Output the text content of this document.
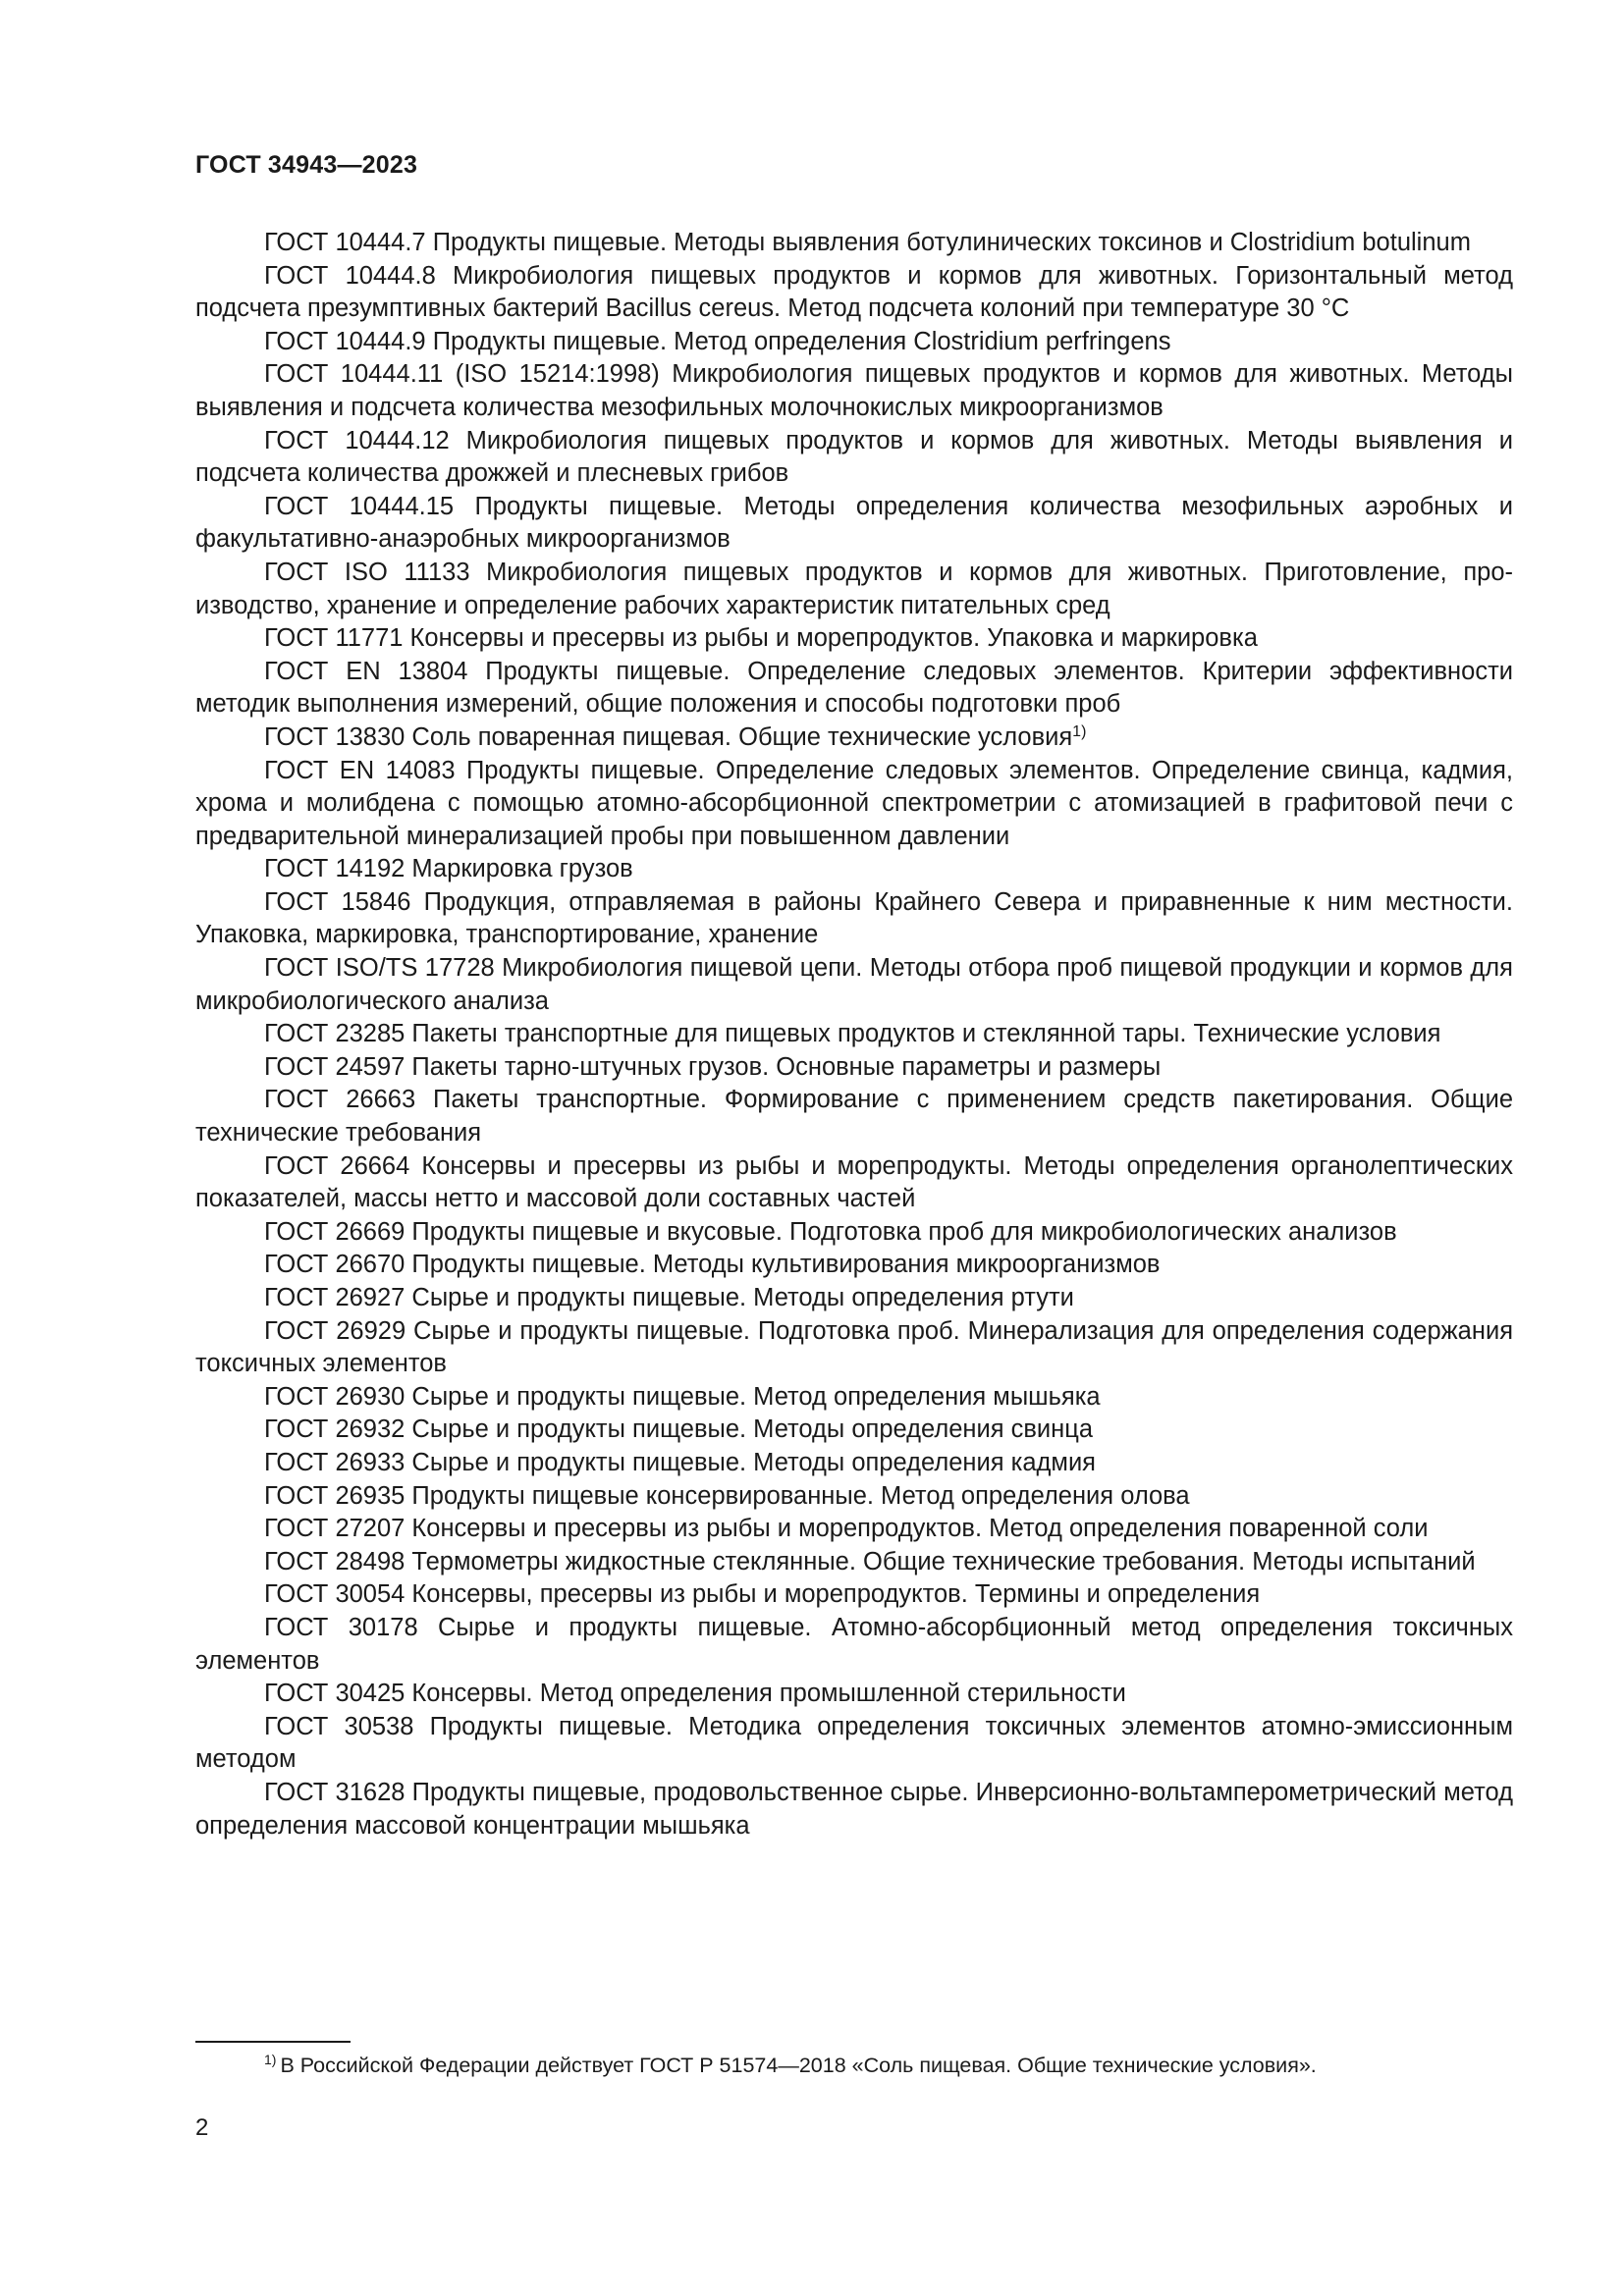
ГОСТ 34943—2023
ГОСТ 10444.7 Продукты пищевые. Методы выявления ботулинических токсинов и Clostridium botulinum
ГОСТ 10444.8 Микробиология пищевых продуктов и кормов для животных. Горизонтальный метод подсчета презумптивных бактерий Bacillus cereus. Метод подсчета колоний при температуре 30 °С
ГОСТ 10444.9 Продукты пищевые. Метод определения Clostridium perfringens
ГОСТ 10444.11 (ISO 15214:1998) Микробиология пищевых продуктов и кормов для животных. Методы выявления и подсчета количества мезофильных молочнокислых микроорганизмов
ГОСТ 10444.12 Микробиология пищевых продуктов и кормов для животных. Методы выявления и подсчета количества дрожжей и плесневых грибов
ГОСТ 10444.15 Продукты пищевые. Методы определения количества мезофильных аэробных и факультативно-анаэробных микроорганизмов
ГОСТ ISO 11133 Микробиология пищевых продуктов и кормов для животных. Приготовление, производство, хранение и определение рабочих характеристик питательных сред
ГОСТ 11771 Консервы и пресервы из рыбы и морепродуктов. Упаковка и маркировка
ГОСТ EN 13804 Продукты пищевые. Определение следовых элементов. Критерии эффективности методик выполнения измерений, общие положения и способы подготовки проб
ГОСТ 13830 Соль поваренная пищевая. Общие технические условия$^{1)}$
ГОСТ EN 14083 Продукты пищевые. Определение следовых элементов. Определение свинца, кадмия, хрома и молибдена с помощью атомно-абсорбционной спектрометрии с атомизацией в графитовой печи с предварительной минерализацией пробы при повышенном давлении
ГОСТ 14192 Маркировка грузов
ГОСТ 15846 Продукция, отправляемая в районы Крайнего Севера и приравненные к ним местности. Упаковка, маркировка, транспортирование, хранение
ГОСТ ISO/TS 17728 Микробиология пищевой цепи. Методы отбора проб пищевой продукции и кормов для микробиологического анализа
ГОСТ 23285 Пакеты транспортные для пищевых продуктов и стеклянной тары. Технические условия
ГОСТ 24597 Пакеты тарно-штучных грузов. Основные параметры и размеры
ГОСТ 26663 Пакеты транспортные. Формирование с применением средств пакетирования. Общие технические требования
ГОСТ 26664 Консервы и пресервы из рыбы и морепродукты. Методы определения органолептических показателей, массы нетто и массовой доли составных частей
ГОСТ 26669 Продукты пищевые и вкусовые. Подготовка проб для микробиологических анализов
ГОСТ 26670 Продукты пищевые. Методы культивирования микроорганизмов
ГОСТ 26927 Сырье и продукты пищевые. Методы определения ртути
ГОСТ 26929 Сырье и продукты пищевые. Подготовка проб. Минерализация для определения содержания токсичных элементов
ГОСТ 26930 Сырье и продукты пищевые. Метод определения мышьяка
ГОСТ 26932 Сырье и продукты пищевые. Методы определения свинца
ГОСТ 26933 Сырье и продукты пищевые. Методы определения кадмия
ГОСТ 26935 Продукты пищевые консервированные. Метод определения олова
ГОСТ 27207 Консервы и пресервы из рыбы и морепродуктов. Метод определения поваренной соли
ГОСТ 28498 Термометры жидкостные стеклянные. Общие технические требования. Методы испытаний
ГОСТ 30054 Консервы, пресервы из рыбы и морепродуктов. Термины и определения
ГОСТ 30178 Сырье и продукты пищевые. Атомно-абсорбционный метод определения токсичных элементов
ГОСТ 30425 Консервы. Метод определения промышленной стерильности
ГОСТ 30538 Продукты пищевые. Методика определения токсичных элементов атомно-эмиссионным методом
ГОСТ 31628 Продукты пищевые, продовольственное сырье. Инверсионно-вольтамперометрический метод определения массовой концентрации мышьяка

$^{1)}$ В Российской Федерации действует ГОСТ Р 51574—2018 «Соль пищевая. Общие технические условия».

2
